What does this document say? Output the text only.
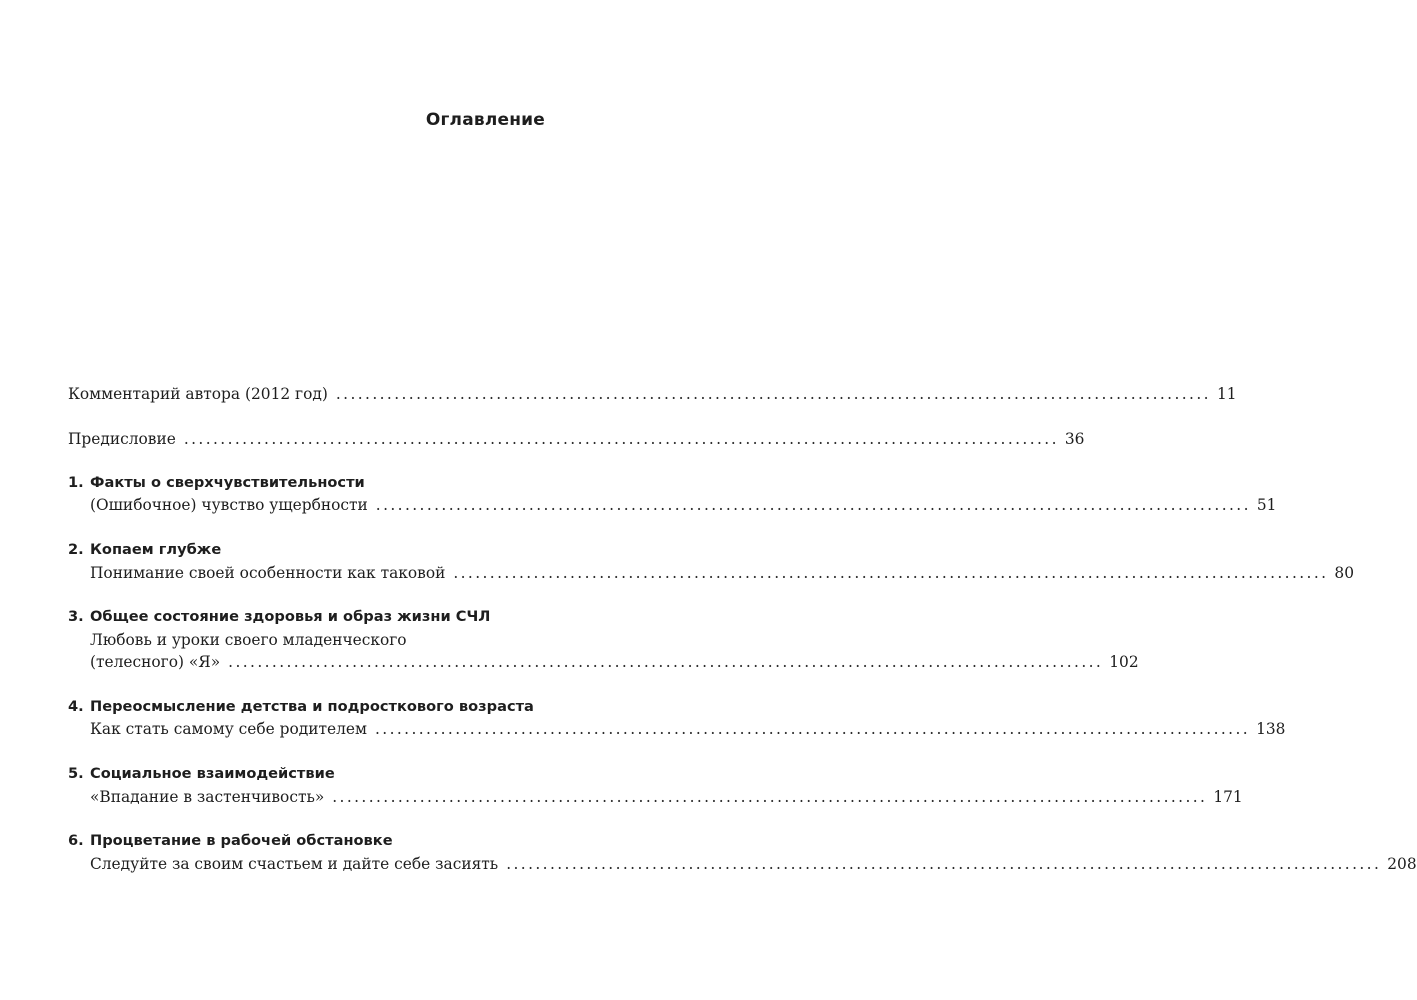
Оглавление
Комментарий автора (2012 год) ........................................................................................................................ 11
Предисловие ........................................................................................................................ 36
1. Факты о сверхчувствительности
(Ошибочное) чувство ущербности ........................................................................................................................ 51
2. Копаем глубже
Понимание своей особенности как таковой ........................................................................................................................ 80
3. Общее состояние здоровья и образ жизни СЧЛ
Любовь и уроки своего младенческого
(телесного) «Я» ........................................................................................................................ 102
4. Переосмысление детства и подросткового возраста
Как стать самому себе родителем ........................................................................................................................ 138
5. Социальное взаимодействие
«Впадание в застенчивость» ........................................................................................................................ 171
6. Процветание в рабочей обстановке
Следуйте за своим счастьем и дайте себе засиять ........................................................................................................................ 208
